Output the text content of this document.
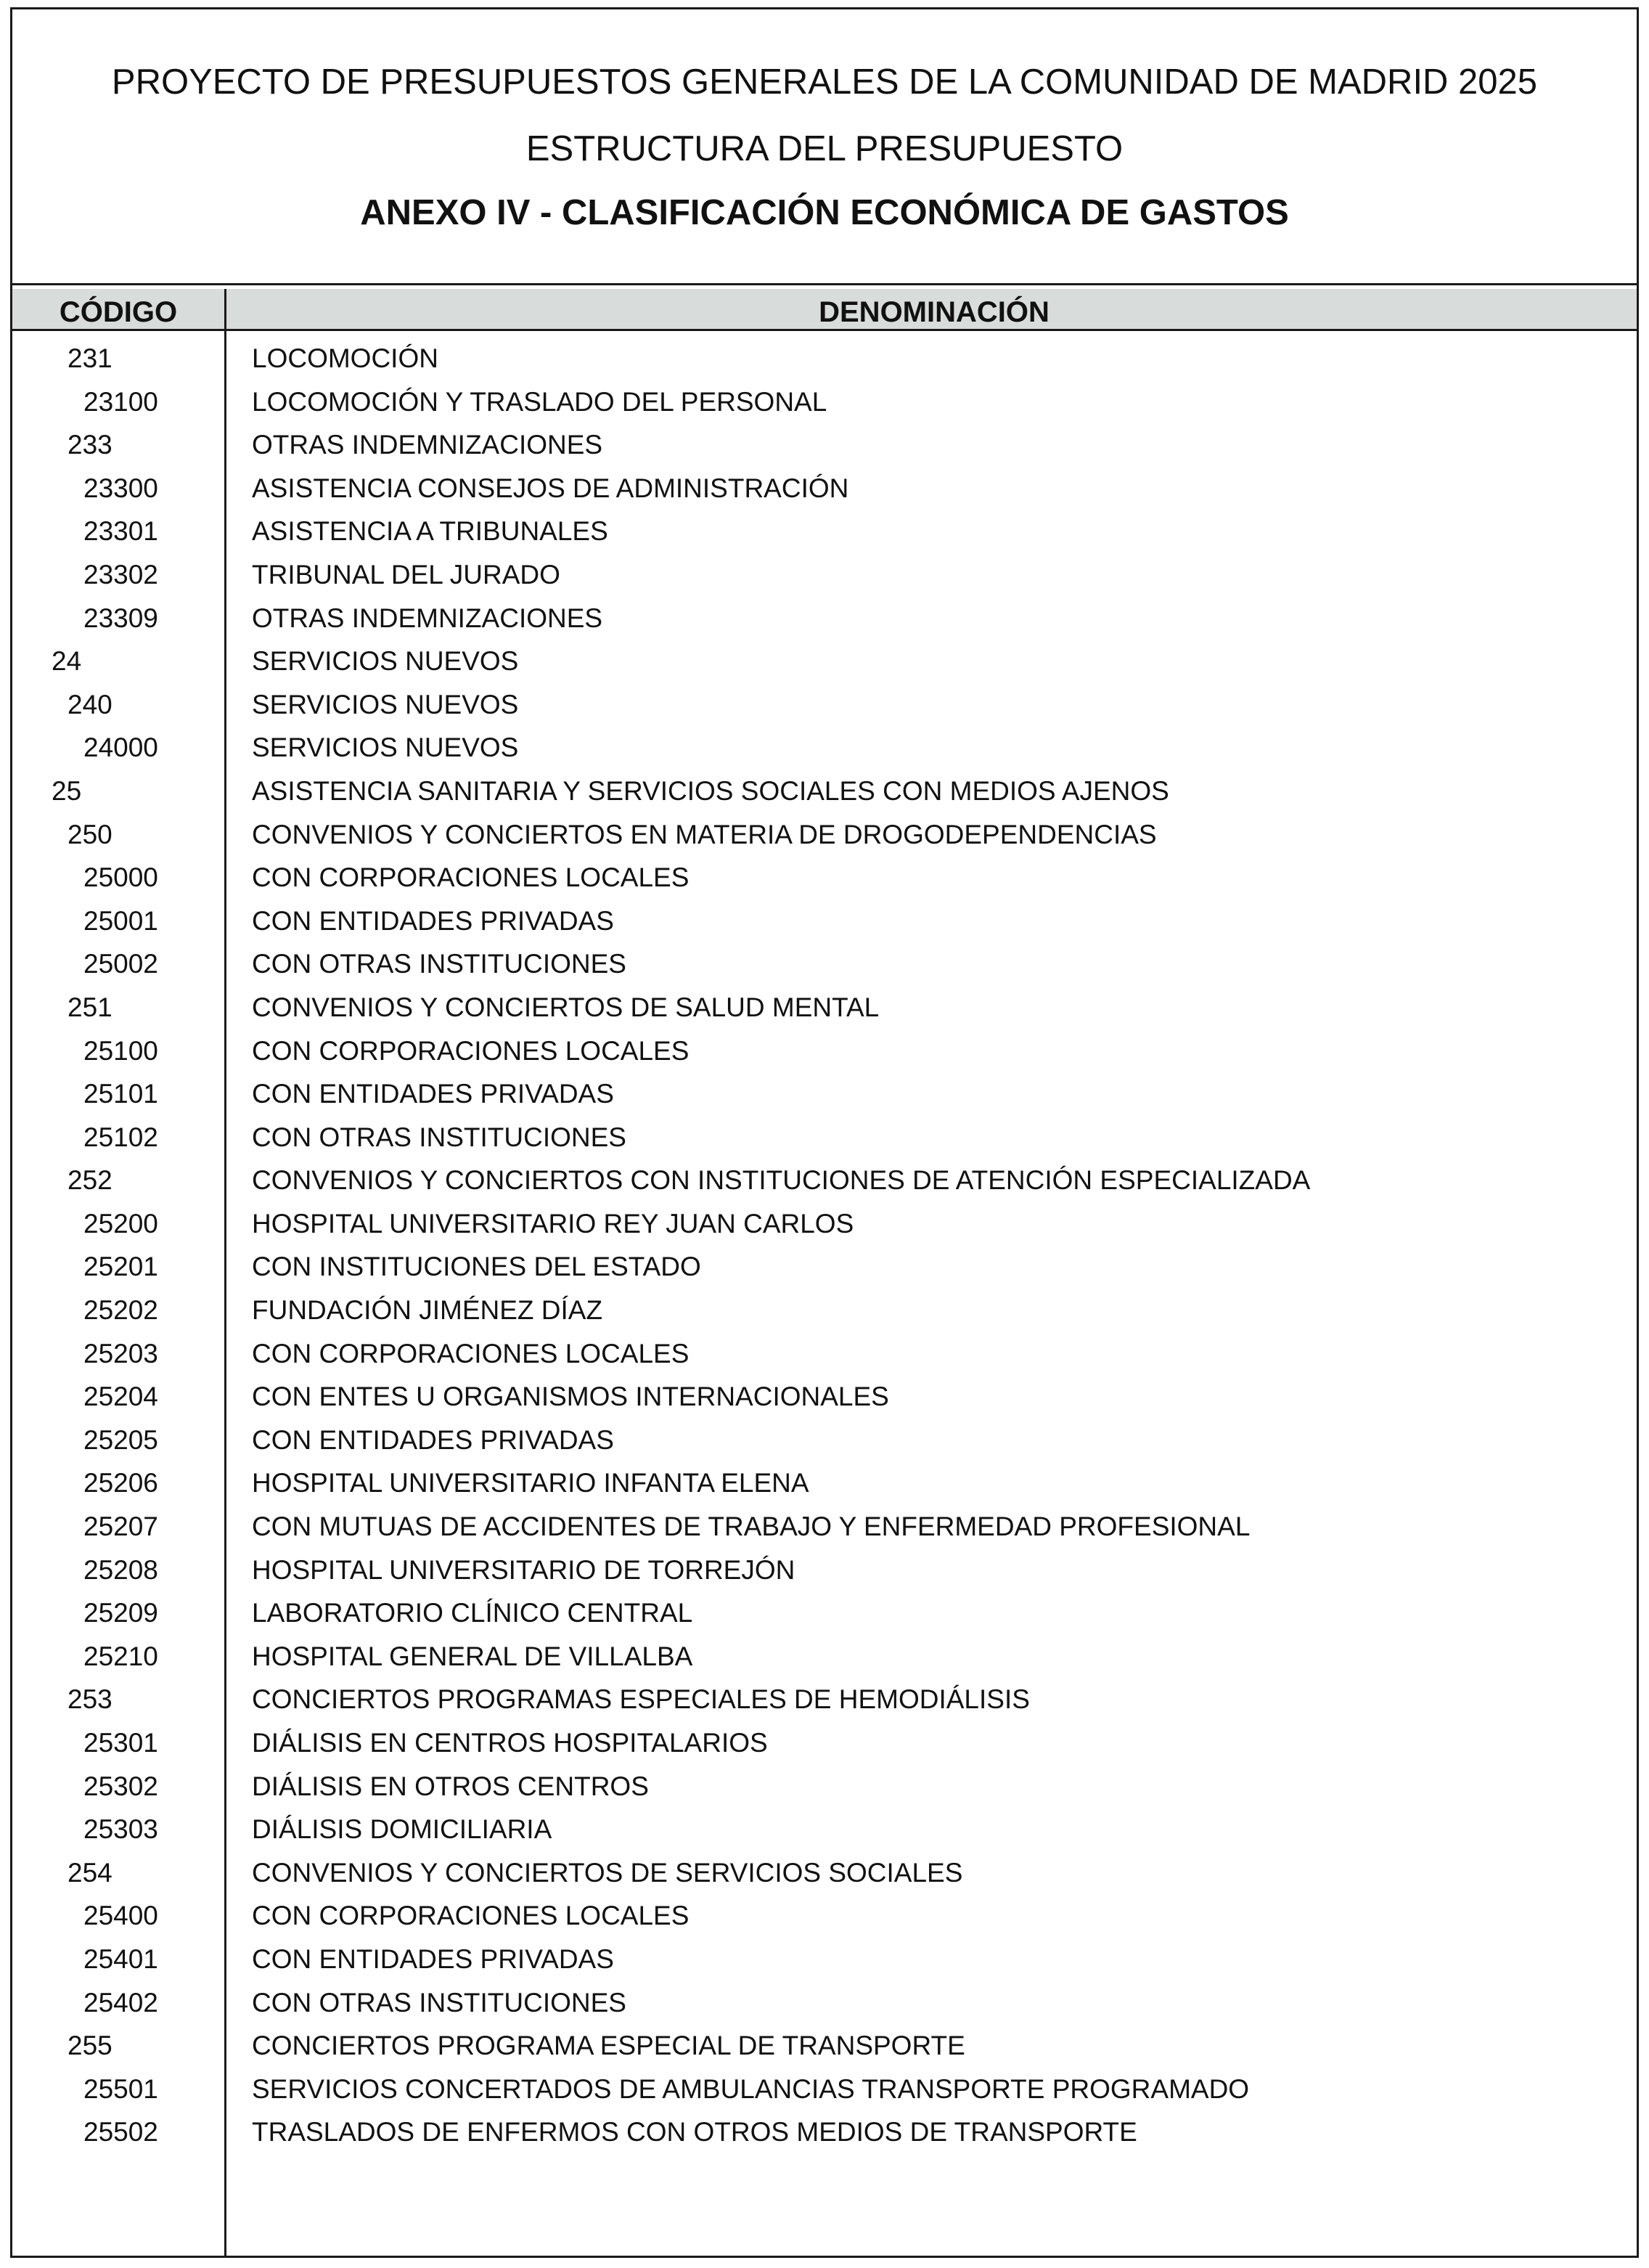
PROYECTO DE PRESUPUESTOS GENERALES DE LA COMUNIDAD DE MADRID 2025
ESTRUCTURA DEL PRESUPUESTO
ANEXO IV - CLASIFICACIÓN ECONÓMICA DE GASTOS
CÓDIGO	DENOMINACIÓN
231	LOCOMOCIÓN
23100	LOCOMOCIÓN Y TRASLADO DEL PERSONAL
233	OTRAS INDEMNIZACIONES
23300	ASISTENCIA CONSEJOS DE ADMINISTRACIÓN
23301	ASISTENCIA A TRIBUNALES
23302	TRIBUNAL DEL JURADO
23309	OTRAS INDEMNIZACIONES
24	SERVICIOS NUEVOS
240	SERVICIOS NUEVOS
24000	SERVICIOS NUEVOS
25	ASISTENCIA SANITARIA Y SERVICIOS SOCIALES CON MEDIOS AJENOS
250	CONVENIOS Y CONCIERTOS EN MATERIA DE DROGODEPENDENCIAS
25000	CON CORPORACIONES LOCALES
25001	CON ENTIDADES PRIVADAS
25002	CON OTRAS INSTITUCIONES
251	CONVENIOS Y CONCIERTOS DE SALUD MENTAL
25100	CON CORPORACIONES LOCALES
25101	CON ENTIDADES PRIVADAS
25102	CON OTRAS INSTITUCIONES
252	CONVENIOS Y CONCIERTOS CON INSTITUCIONES DE ATENCIÓN ESPECIALIZADA
25200	HOSPITAL UNIVERSITARIO REY JUAN CARLOS
25201	CON INSTITUCIONES DEL ESTADO
25202	FUNDACIÓN JIMÉNEZ DÍAZ
25203	CON CORPORACIONES LOCALES
25204	CON ENTES U ORGANISMOS INTERNACIONALES
25205	CON ENTIDADES PRIVADAS
25206	HOSPITAL UNIVERSITARIO INFANTA ELENA
25207	CON MUTUAS DE ACCIDENTES DE TRABAJO Y ENFERMEDAD PROFESIONAL
25208	HOSPITAL UNIVERSITARIO DE TORREJÓN
25209	LABORATORIO CLÍNICO CENTRAL
25210	HOSPITAL GENERAL DE VILLALBA
253	CONCIERTOS PROGRAMAS ESPECIALES DE HEMODIÁLISIS
25301	DIÁLISIS EN CENTROS HOSPITALARIOS
25302	DIÁLISIS EN OTROS CENTROS
25303	DIÁLISIS DOMICILIARIA
254	CONVENIOS Y CONCIERTOS DE SERVICIOS SOCIALES
25400	CON CORPORACIONES LOCALES
25401	CON ENTIDADES PRIVADAS
25402	CON OTRAS INSTITUCIONES
255	CONCIERTOS PROGRAMA ESPECIAL DE TRANSPORTE
25501	SERVICIOS CONCERTADOS DE AMBULANCIAS TRANSPORTE PROGRAMADO
25502	TRASLADOS DE ENFERMOS CON OTROS MEDIOS DE TRANSPORTE
